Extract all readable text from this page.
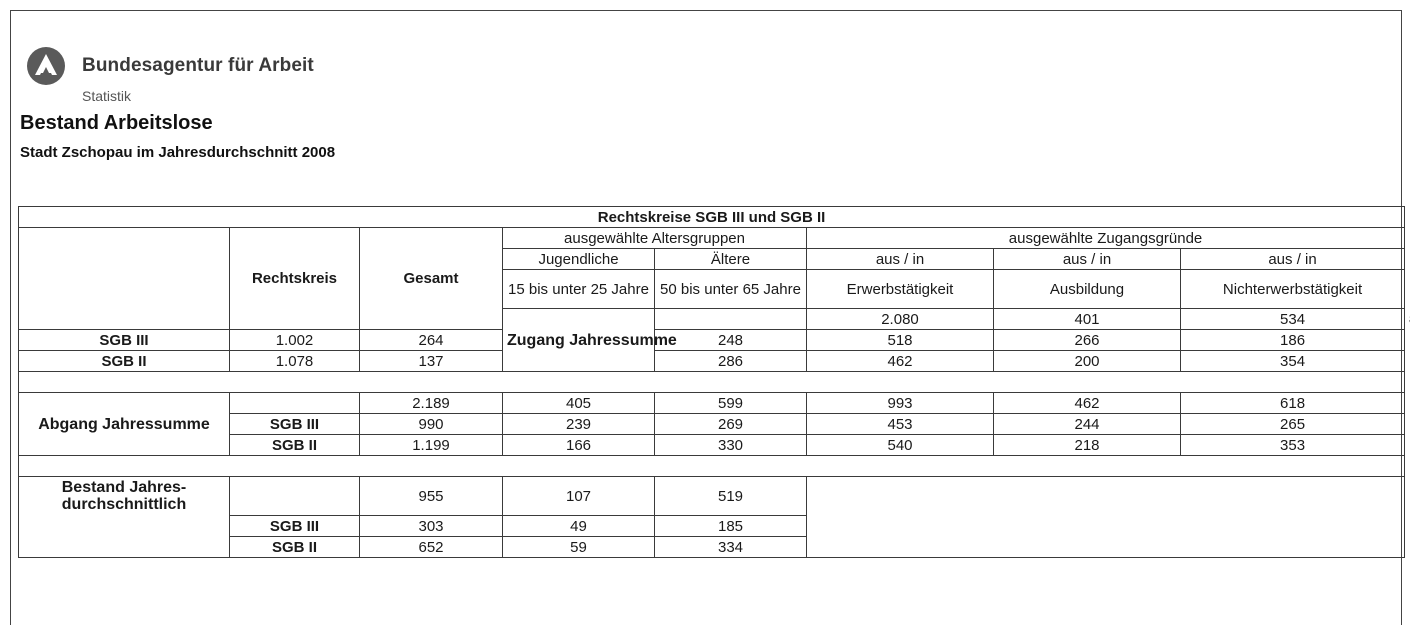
Bundesagentur für Arbeit
Statistik
Bestand Arbeitslose
Stadt Zschopau im Jahresdurchschnitt 2008
Rechtskreise SGB III und SGB II								
	Rechtskreis	Gesamt	ausgewählte Altersgruppen		ausgewählte Zugangsgründe			
			Jugendliche	Ältere	aus / in	aus / in	aus / in	
			15 bis unter 25 Jahre	50 bis unter 65 Jahre	Erwerbstätigkeit	Ausbildung	Nichterwerbstätigkeit	
			Zugang Jahressumme		2.080	401	534			
SGB III	1.002	264		248	518	266	186	
SGB II	1.078	137		286	462	200	354	

Abgang Jahressumme		2.189	405	599	993	462	618	
	SGB III	990	239	269	453	244	265	
	SGB II	1.199	166	330	540	218	353	

Bestand Jahres-
durchschnittlich		955	107	519				
	SGB III	303	49	185				
	SGB II	652	59	334				
